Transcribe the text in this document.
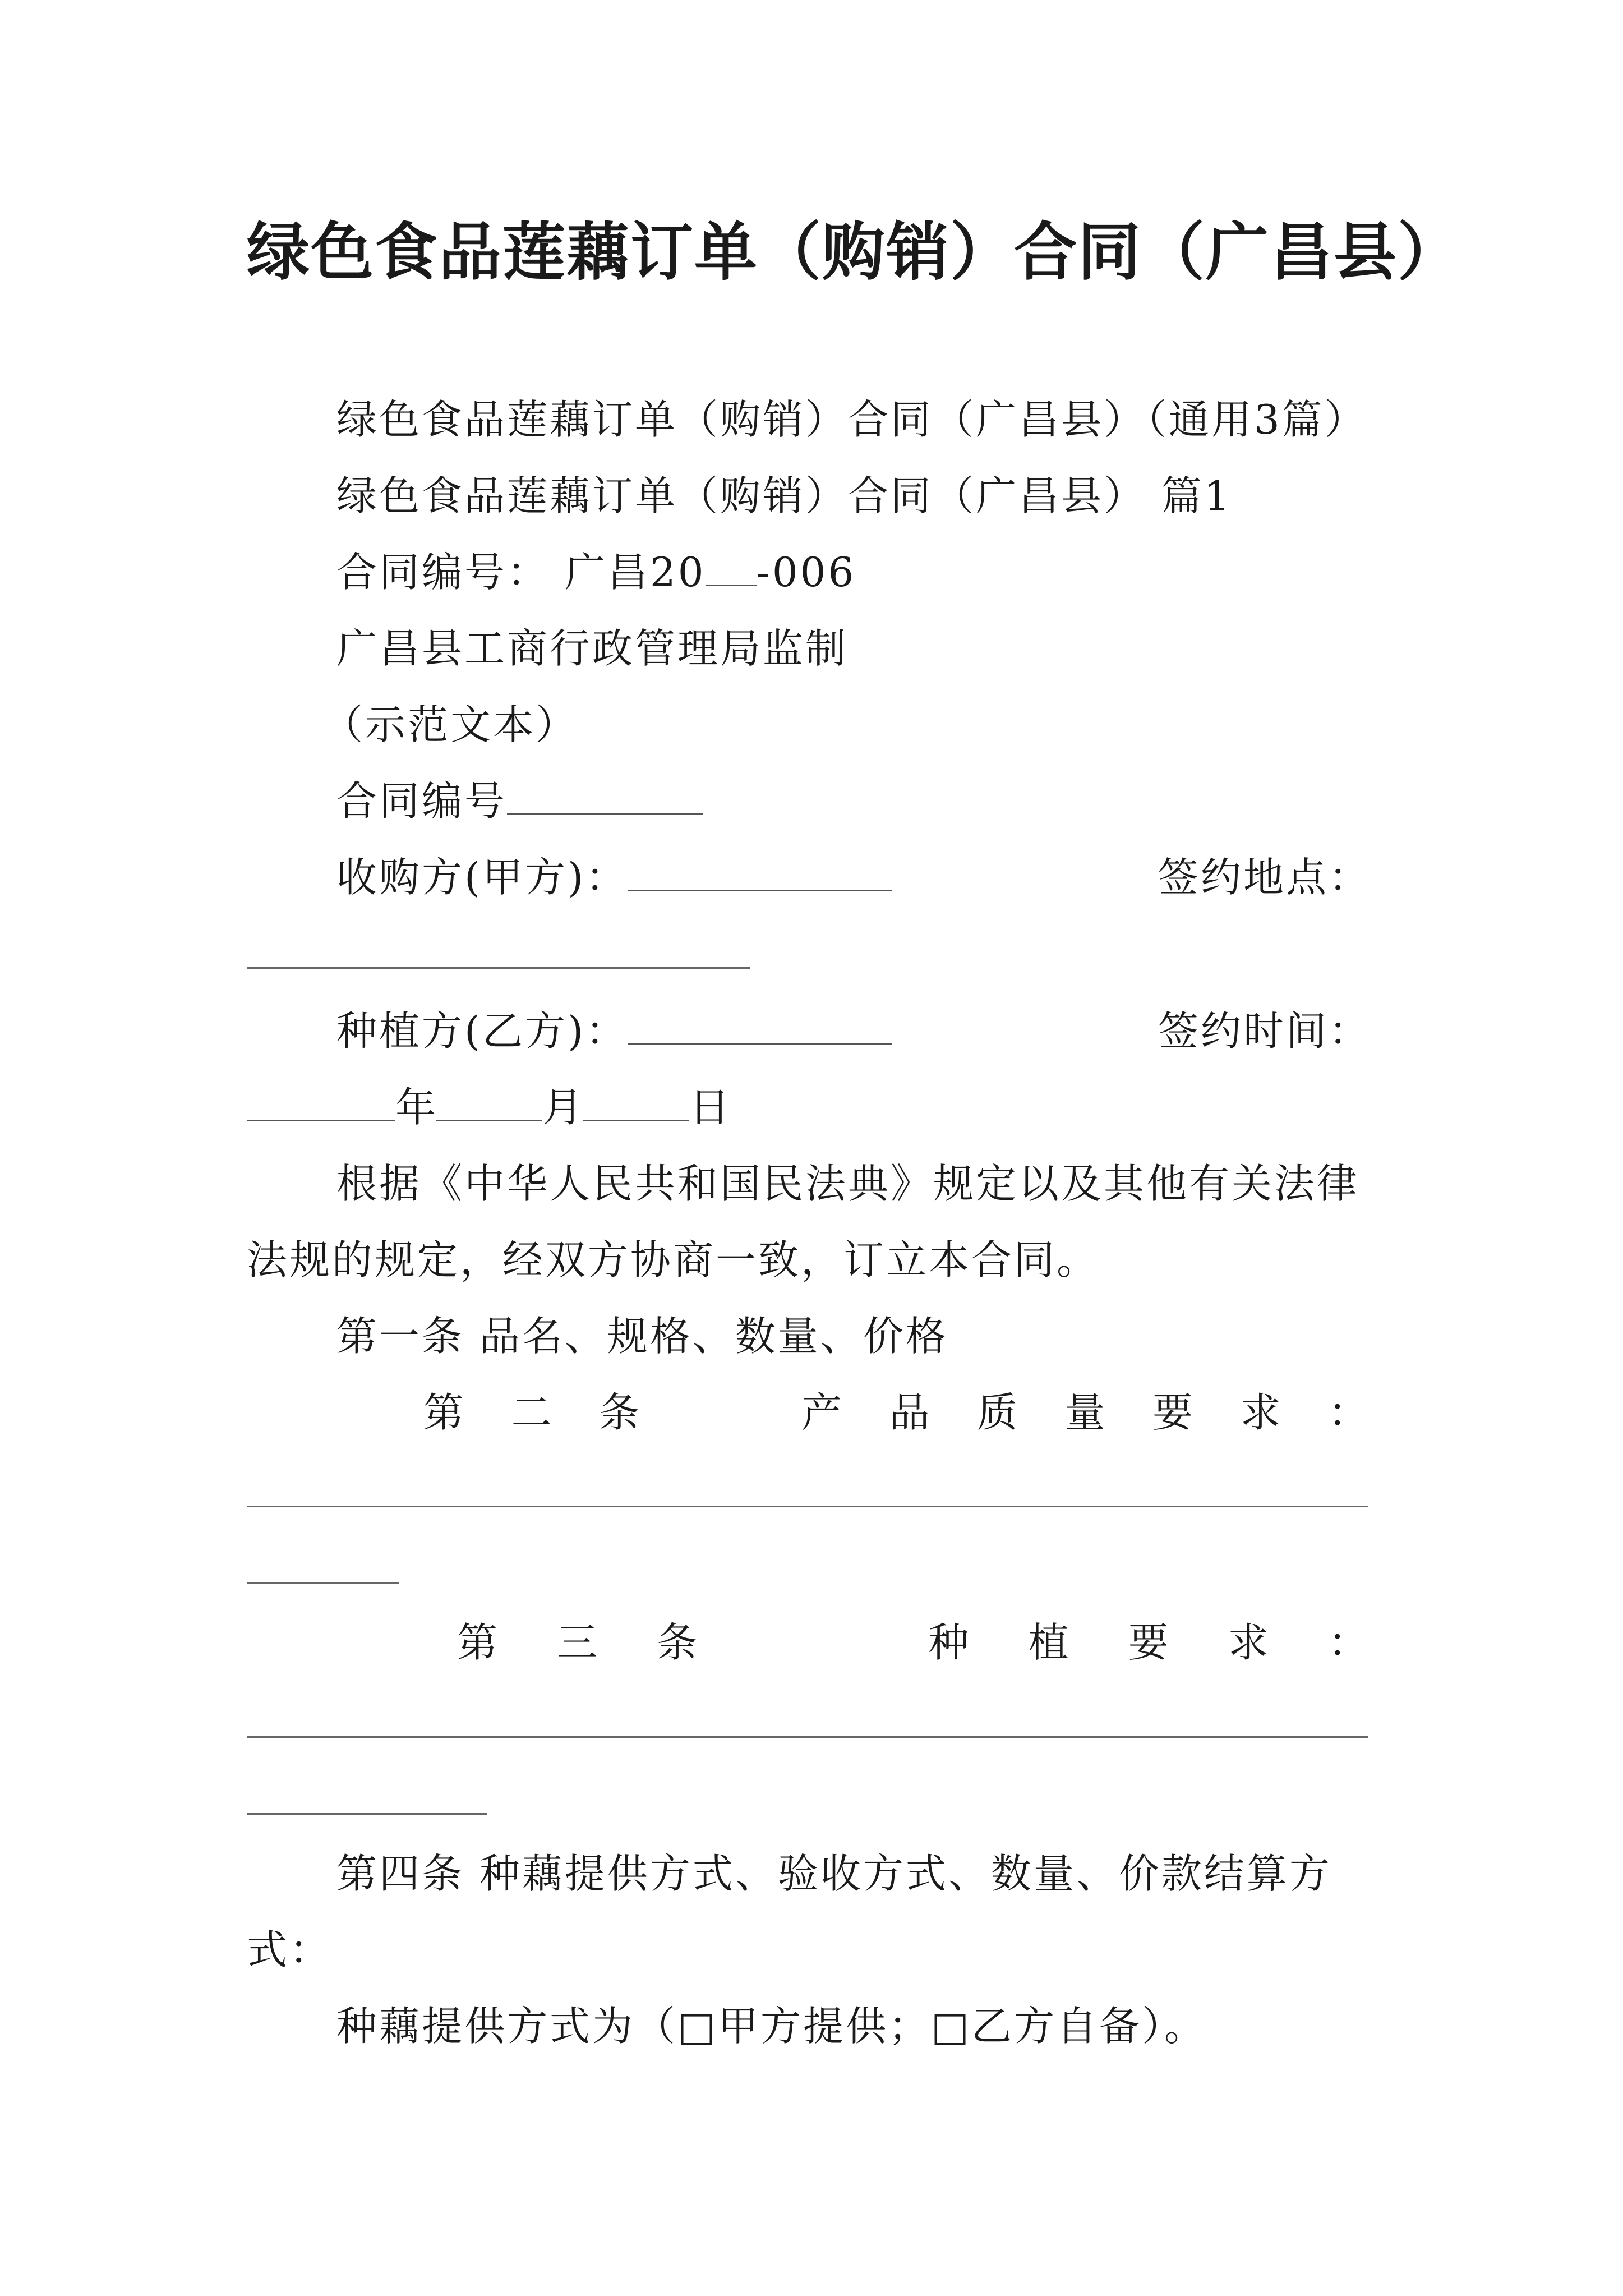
绿色食品莲藕订单（购销）合同（广昌县）
绿色食品莲藕订单（购销）合同（广昌县）（通用3篇）
绿色食品莲藕订单（购销）合同（广昌县） 篇1
合同编号： 广昌20 -006
广昌县工商行政管理局监制
（示范文本）
合同编号
收购方(甲方)：	签约地点：
种植方(乙方)：	签约时间：
年	月	日
根据《中华人民共和国民法典》规定以及其他有关法律
法规的规定，经双方协商一致，订立本合同。
第一条 品名、规格、数量、价格
第 二 条	产 品 质 量 要 求 ：
第 三 条	种 植 要 求 ：
第四条 种藕提供方式、验收方式、数量、价款结算方
式：
种藕提供方式为（□甲方提供；□乙方自备）。
